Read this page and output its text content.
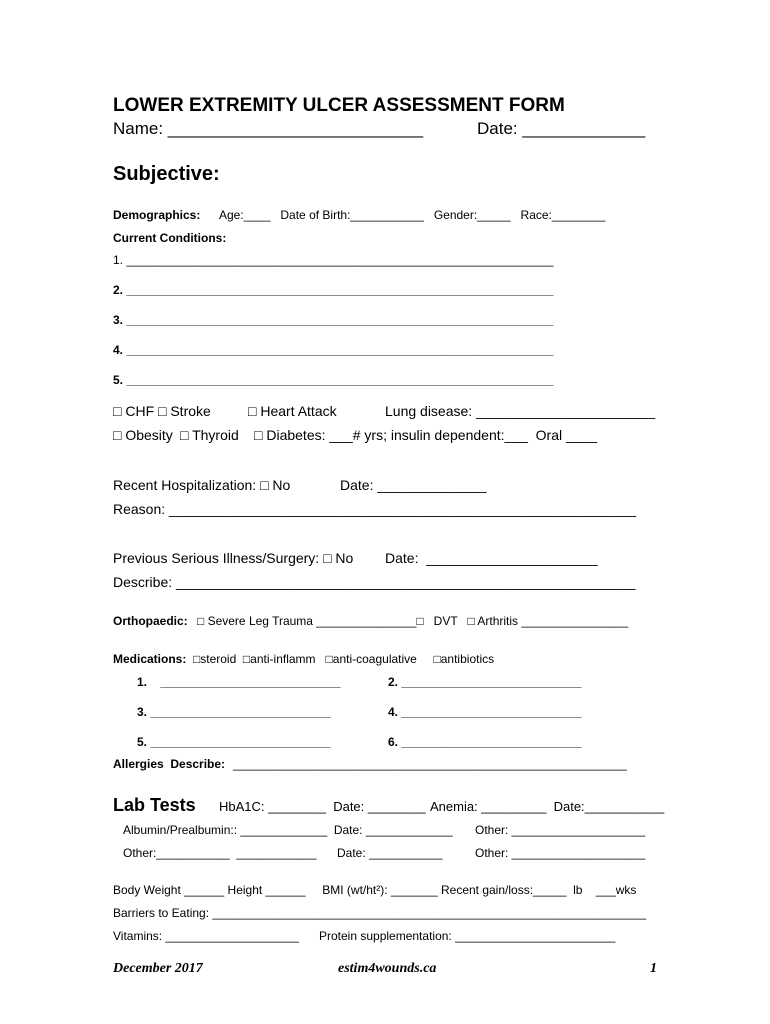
LOWER EXTREMITY ULCER ASSESSMENT FORM
Name: ___________________________	Date: _____________
Subjective:
Demographics: Age:____   Date of Birth:___________   Gender:_____   Race:________
Current Conditions:
1. ________________________________________________________________
2. ________________________________________________________________
3. ________________________________________________________________
4. ________________________________________________________________
5. ________________________________________________________________
□ CHF □ Stroke	□ Heart Attack	Lung disease: _______________________
□ Obesity □ Thyroid □ Diabetes: ___# yrs; insulin dependent:___  Oral ____
Recent Hospitalization: □ No	Date: ______________
Reason: ____________________________________________________________
Previous Serious Illness/Surgery: □ No Date:  ______________________
Describe: ___________________________________________________________
Orthopaedic: □ Severe Leg Trauma _______________□   DVT   □ Arthritis ________________
Medications: □steroid  □anti-inflamm   □anti-coagulative     □antibiotics
1.    ___________________________	2. ___________________________
3. ___________________________	4. ___________________________
5. ___________________________	6. ___________________________
Allergies  Describe: ___________________________________________________________
Lab Tests HbA1C: ________  Date: ________ Anemia: _________  Date:___________
Albumin/Prealbumin:: _____________  Date: _____________ Other: ____________________
Other:___________  ____________ Date: ___________	Other: ____________________
Body Weight ______ Height ______     BMI (wt/ht²): _______ Recent gain/loss:_____  lb    ___wks
Barriers to Eating: _________________________________________________________________
Vitamins: ____________________ Protein supplementation: ________________________
December 2017	estim4wounds.ca	1
